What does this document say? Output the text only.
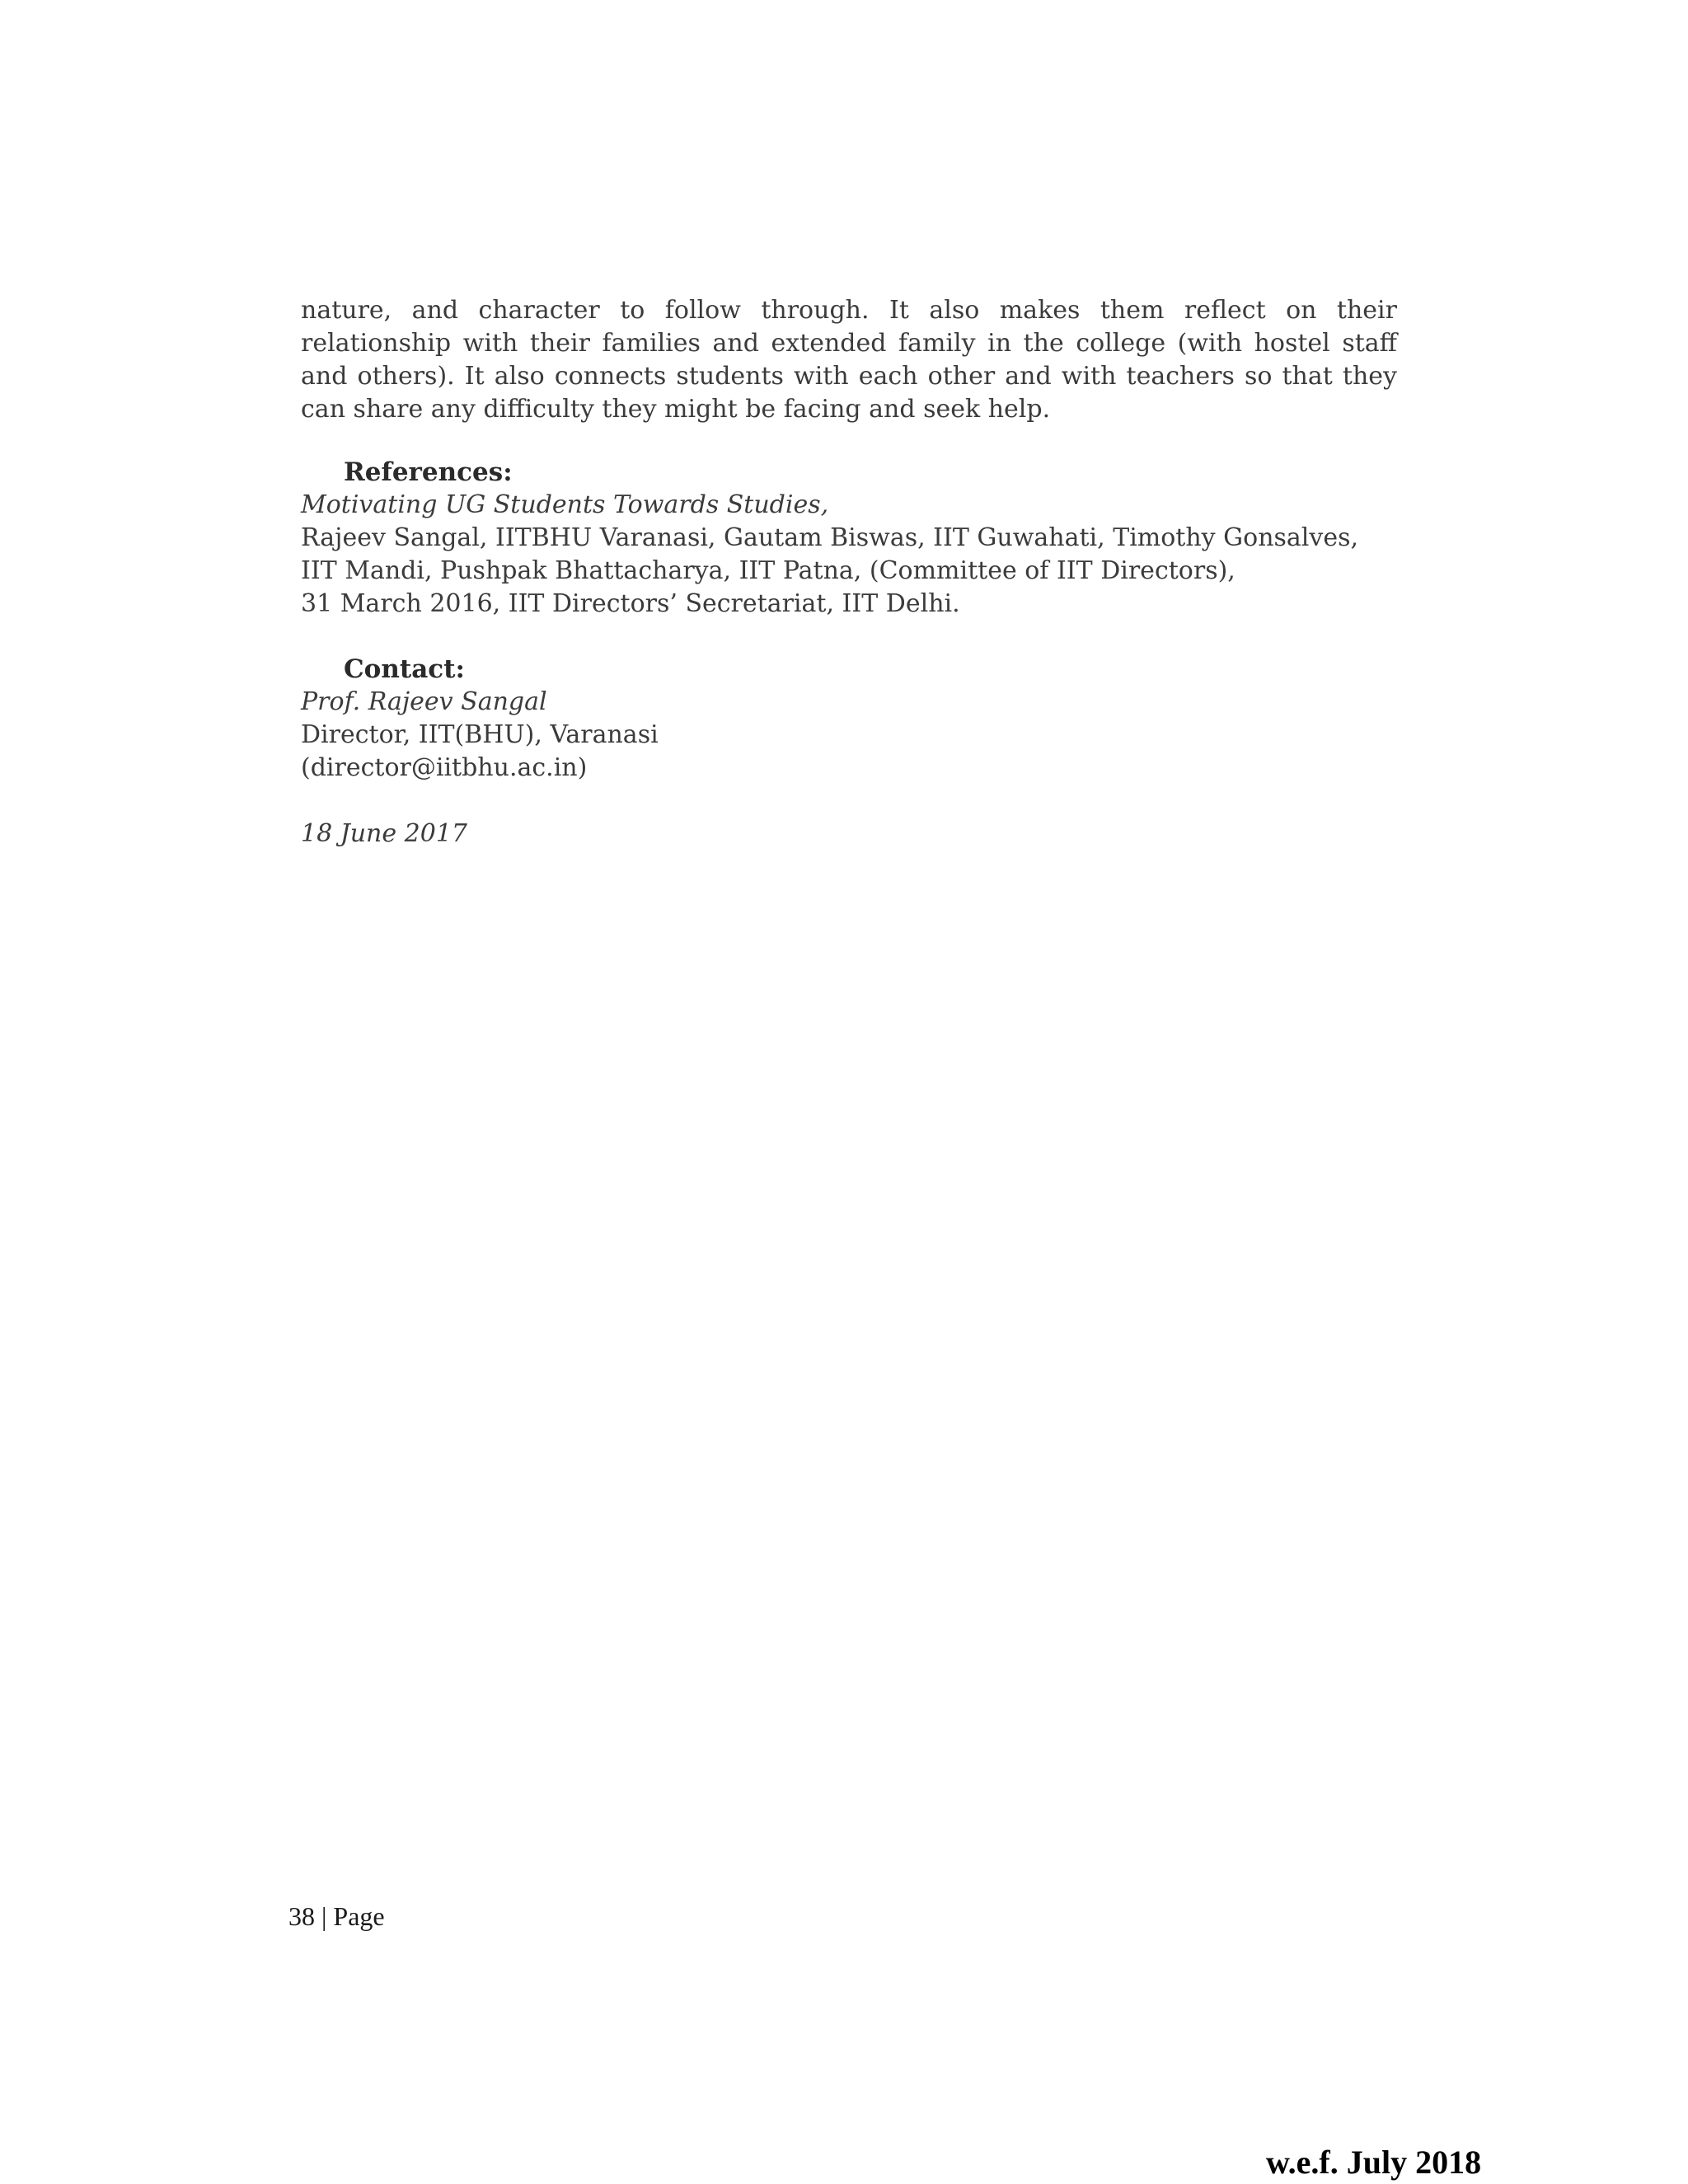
nature, and character to follow through. It also makes them reflect on their relationship with their families and extended family in the college (with hostel staff and others). It also connects students with each other and with teachers so that they can share any difficulty they might be facing and seek help.

References:
Motivating UG Students Towards Studies,
Rajeev Sangal, IITBHU Varanasi, Gautam Biswas, IIT Guwahati, Timothy Gonsalves,
IIT Mandi, Pushpak Bhattacharya, IIT Patna, (Committee of IIT Directors),
31 March 2016, IIT Directors’ Secretariat, IIT Delhi.
Contact:
Prof. Rajeev Sangal
Director, IIT(BHU), Varanasi
(director@iitbhu.ac.in)
18 June 2017
38 | Page
w.e.f. July 2018
